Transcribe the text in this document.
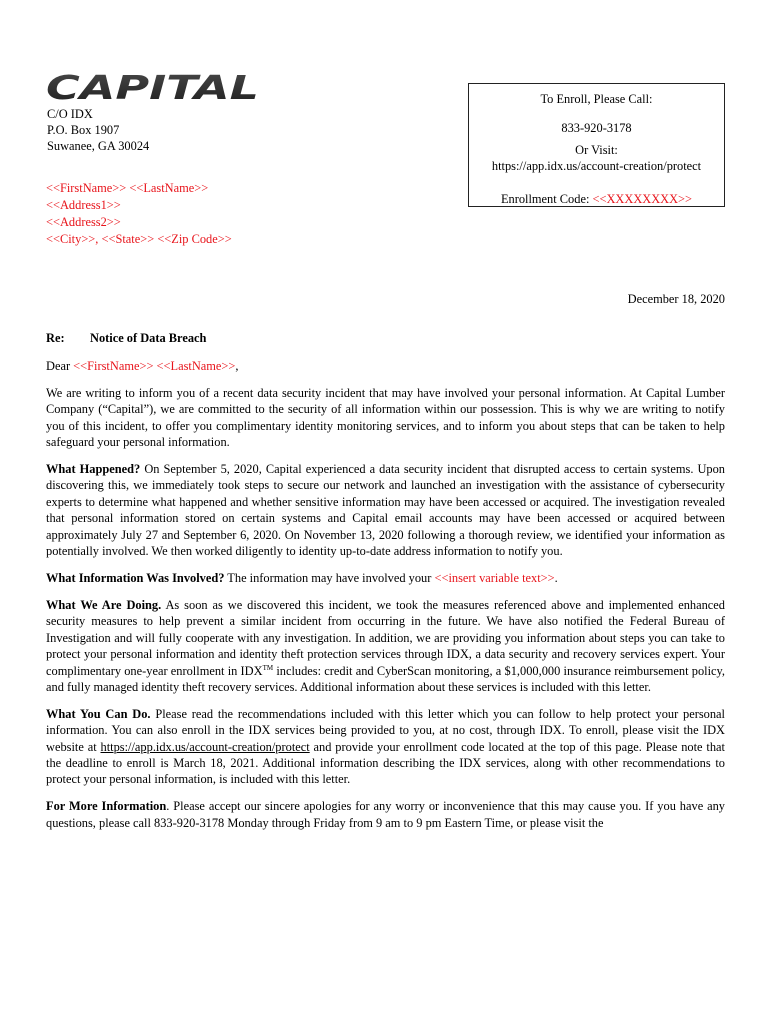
CAPITAL
C/O IDX
P.O. Box 1907
Suwanee, GA 30024
To Enroll, Please Call:
833-920-3178
Or Visit:
https://app.idx.us/account-creation/protect
Enrollment Code: <<XXXXXXXX>>
<<FirstName>> <<LastName>>
<<Address1>>
<<Address2>>
<<City>>, <<State>> <<Zip Code>>
December 18, 2020
Re: Notice of Data Breach

Dear <<FirstName>> <<LastName>>,

We are writing to inform you of a recent data security incident that may have involved your personal information. At Capital Lumber Company (“Capital”), we are committed to the security of all information within our possession. This is why we are writing to notify you of this incident, to offer you complimentary identity monitoring services, and to inform you about steps that can be taken to help safeguard your personal information.

What Happened? On September 5, 2020, Capital experienced a data security incident that disrupted access to certain systems. Upon discovering this, we immediately took steps to secure our network and launched an investigation with the assistance of cybersecurity experts to determine what happened and whether sensitive information may have been accessed or acquired. The investigation revealed that personal information stored on certain systems and Capital email accounts may have been accessed or acquired between approximately July 27 and September 6, 2020. On November 13, 2020 following a thorough review, we identified your information as potentially involved. We then worked diligently to identity up-to-date address information to notify you.

What Information Was Involved? The information may have involved your <<insert variable text>>.

What We Are Doing. As soon as we discovered this incident, we took the measures referenced above and implemented enhanced security measures to help prevent a similar incident from occurring in the future. We have also notified the Federal Bureau of Investigation and will fully cooperate with any investigation. In addition, we are providing you information about steps you can take to protect your personal information and identity theft protection services through IDX, a data security and recovery services expert. Your complimentary one-year enrollment in IDX™ includes: credit and CyberScan monitoring, a $1,000,000 insurance reimbursement policy, and fully managed identity theft recovery services. Additional information about these services is included with this letter.

What You Can Do. Please read the recommendations included with this letter which you can follow to help protect your personal information. You can also enroll in the IDX services being provided to you, at no cost, through IDX. To enroll, please visit the IDX website at https://app.idx.us/account-creation/protect and provide your enrollment code located at the top of this page. Please note that the deadline to enroll is March 18, 2021. Additional information describing the IDX services, along with other recommendations to protect your personal information, is included with this letter.

For More Information. Please accept our sincere apologies for any worry or inconvenience that this may cause you. If you have any questions, please call 833-920-3178 Monday through Friday from 9 am to 9 pm Eastern Time, or please visit the
